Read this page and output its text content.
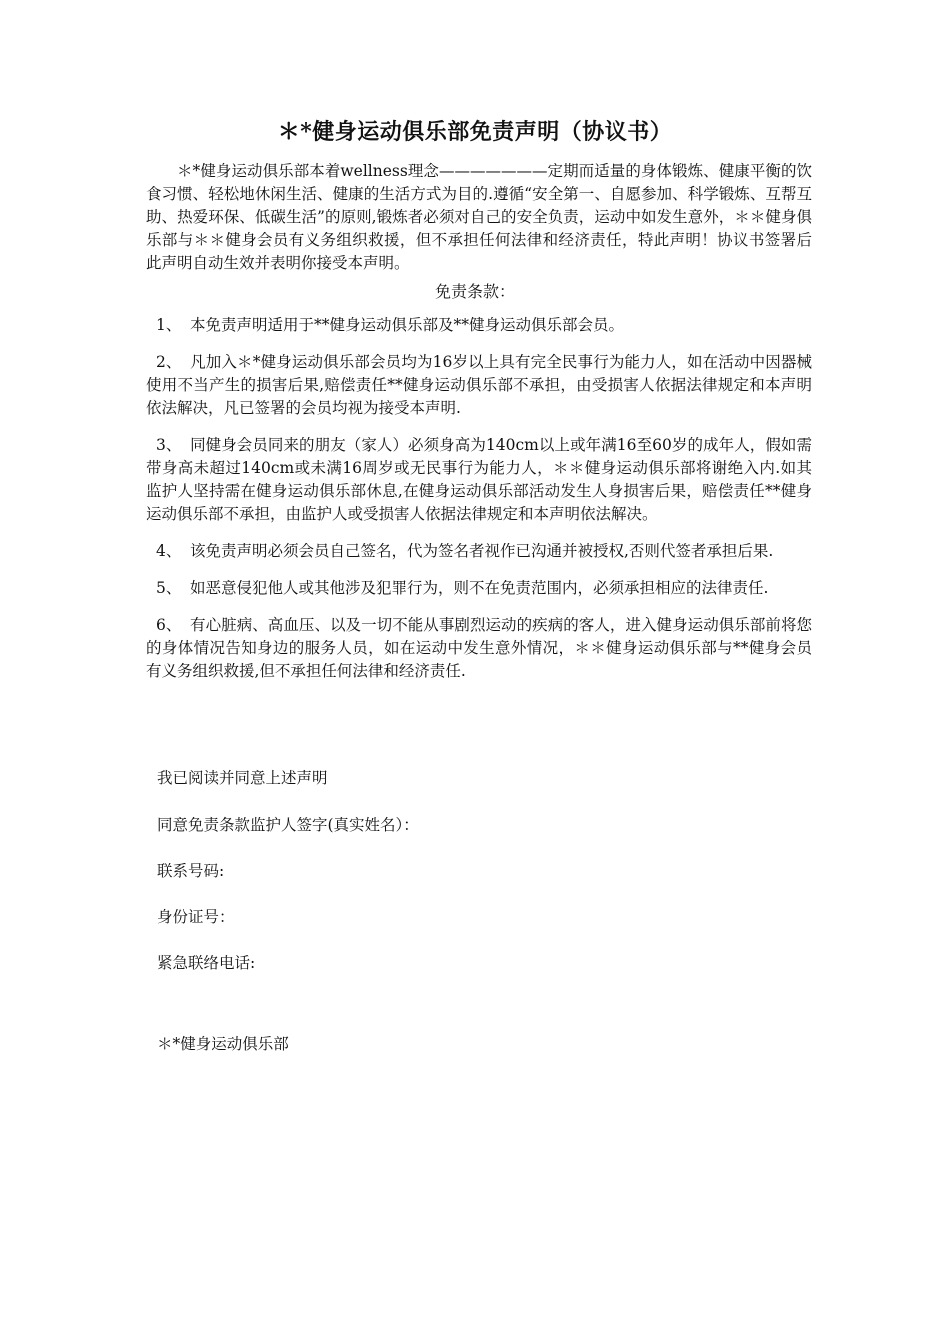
＊*健身运动俱乐部免责声明（协议书）
＊*健身运动俱乐部本着wellness理念———————定期而适量的身体锻炼、健康平衡的饮食习惯、轻松地休闲生活、健康的生活方式为目的.遵循“安全第一、自愿参加、科学锻炼、互帮互助、热爱环保、低碳生活”的原则,锻炼者必须对自己的安全负责，运动中如发生意外，＊＊健身俱乐部与＊＊健身会员有义务组织救援，但不承担任何法律和经济责任，特此声明！协议书签署后此声明自动生效并表明你接受本声明。
免责条款：

1、 本免责声明适用于**健身运动俱乐部及**健身运动俱乐部会员。

2、 凡加入＊*健身运动俱乐部会员均为16岁以上具有完全民事行为能力人，如在活动中因器械使用不当产生的损害后果,赔偿责任**健身运动俱乐部不承担，由受损害人依据法律规定和本声明依法解决，凡已签署的会员均视为接受本声明.

3、 同健身会员同来的朋友（家人）必须身高为140cm以上或年满16至60岁的成年人，假如需带身高未超过140cm或未满16周岁或无民事行为能力人，＊＊健身运动俱乐部将谢绝入内.如其监护人坚持需在健身运动俱乐部休息,在健身运动俱乐部活动发生人身损害后果，赔偿责任**健身运动俱乐部不承担，由监护人或受损害人依据法律规定和本声明依法解决。

4、 该免责声明必须会员自己签名，代为签名者视作已沟通并被授权,否则代签者承担后果.

5、 如恶意侵犯他人或其他涉及犯罪行为，则不在免责范围内，必须承担相应的法律责任.

6、 有心脏病、高血压、以及一切不能从事剧烈运动的疾病的客人，进入健身运动俱乐部前将您的身体情况告知身边的服务人员，如在运动中发生意外情况，＊＊健身运动俱乐部与**健身会员有义务组织救援,但不承担任何法律和经济责任.

我已阅读并同意上述声明
同意免责条款监护人签字(真实姓名）：
联系号码:
身份证号：
紧急联络电话:
＊*健身运动俱乐部
